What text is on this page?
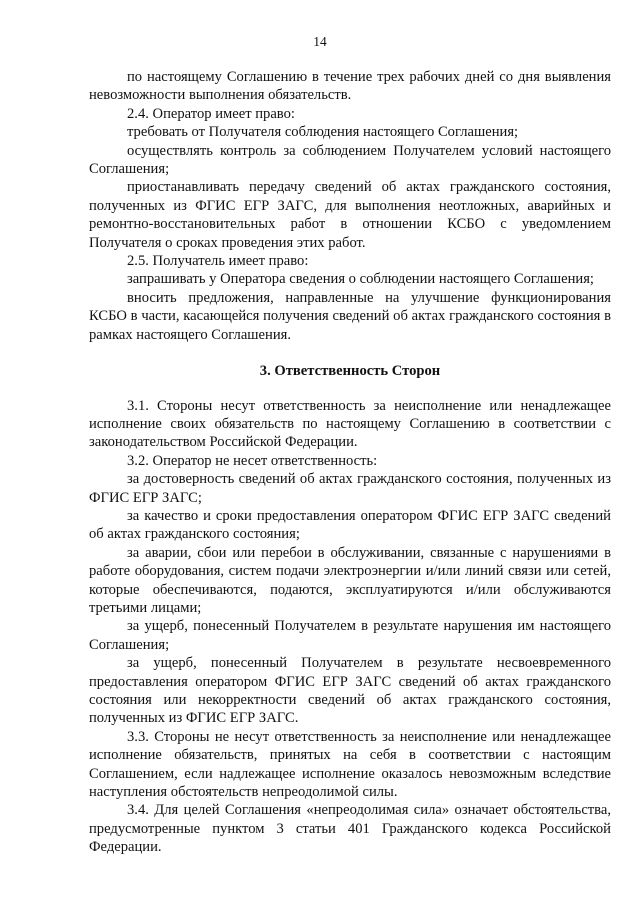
14

по настоящему Соглашению в течение трех рабочих дней со дня выявления невозможности выполнения обязательств.

2.4. Оператор имеет право:

требовать от Получателя соблюдения настоящего Соглашения;

осуществлять контроль за соблюдением Получателем условий настоящего Соглашения;

приостанавливать передачу сведений об актах гражданского состояния, полученных из ФГИС ЕГР ЗАГС, для выполнения неотложных, аварийных и ремонтно-восстановительных работ в отношении КСБО с уведомлением Получателя о сроках проведения этих работ.

2.5. Получатель имеет право:

запрашивать у Оператора сведения о соблюдении настоящего Соглашения;

вносить предложения, направленные на улучшение функционирования КСБО в части, касающейся получения сведений об актах гражданского состояния в рамках настоящего Соглашения.

3. Ответственность Сторон

3.1. Стороны несут ответственность за неисполнение или ненадлежащее исполнение своих обязательств по настоящему Соглашению в соответствии с законодательством Российской Федерации.

3.2. Оператор не несет ответственность:

за достоверность сведений об актах гражданского состояния, полученных из ФГИС ЕГР ЗАГС;

за качество и сроки предоставления оператором ФГИС ЕГР ЗАГС сведений об актах гражданского состояния;

за аварии, сбои или перебои в обслуживании, связанные с нарушениями в работе оборудования, систем подачи электроэнергии и/или линий связи или сетей, которые обеспечиваются, подаются, эксплуатируются и/или обслуживаются третьими лицами;

за ущерб, понесенный Получателем в результате нарушения им настоящего Соглашения;

за ущерб, понесенный Получателем в результате несвоевременного предоставления оператором ФГИС ЕГР ЗАГС сведений об актах гражданского состояния или некорректности сведений об актах гражданского состояния, полученных из ФГИС ЕГР ЗАГС.

3.3. Стороны не несут ответственность за неисполнение или ненадлежащее исполнение обязательств, принятых на себя в соответствии с настоящим Соглашением, если надлежащее исполнение оказалось невозможным вследствие наступления обстоятельств непреодолимой силы.

3.4. Для целей Соглашения «непреодолимая сила» означает обстоятельства, предусмотренные пунктом 3 статьи 401 Гражданского кодекса Российской Федерации.
